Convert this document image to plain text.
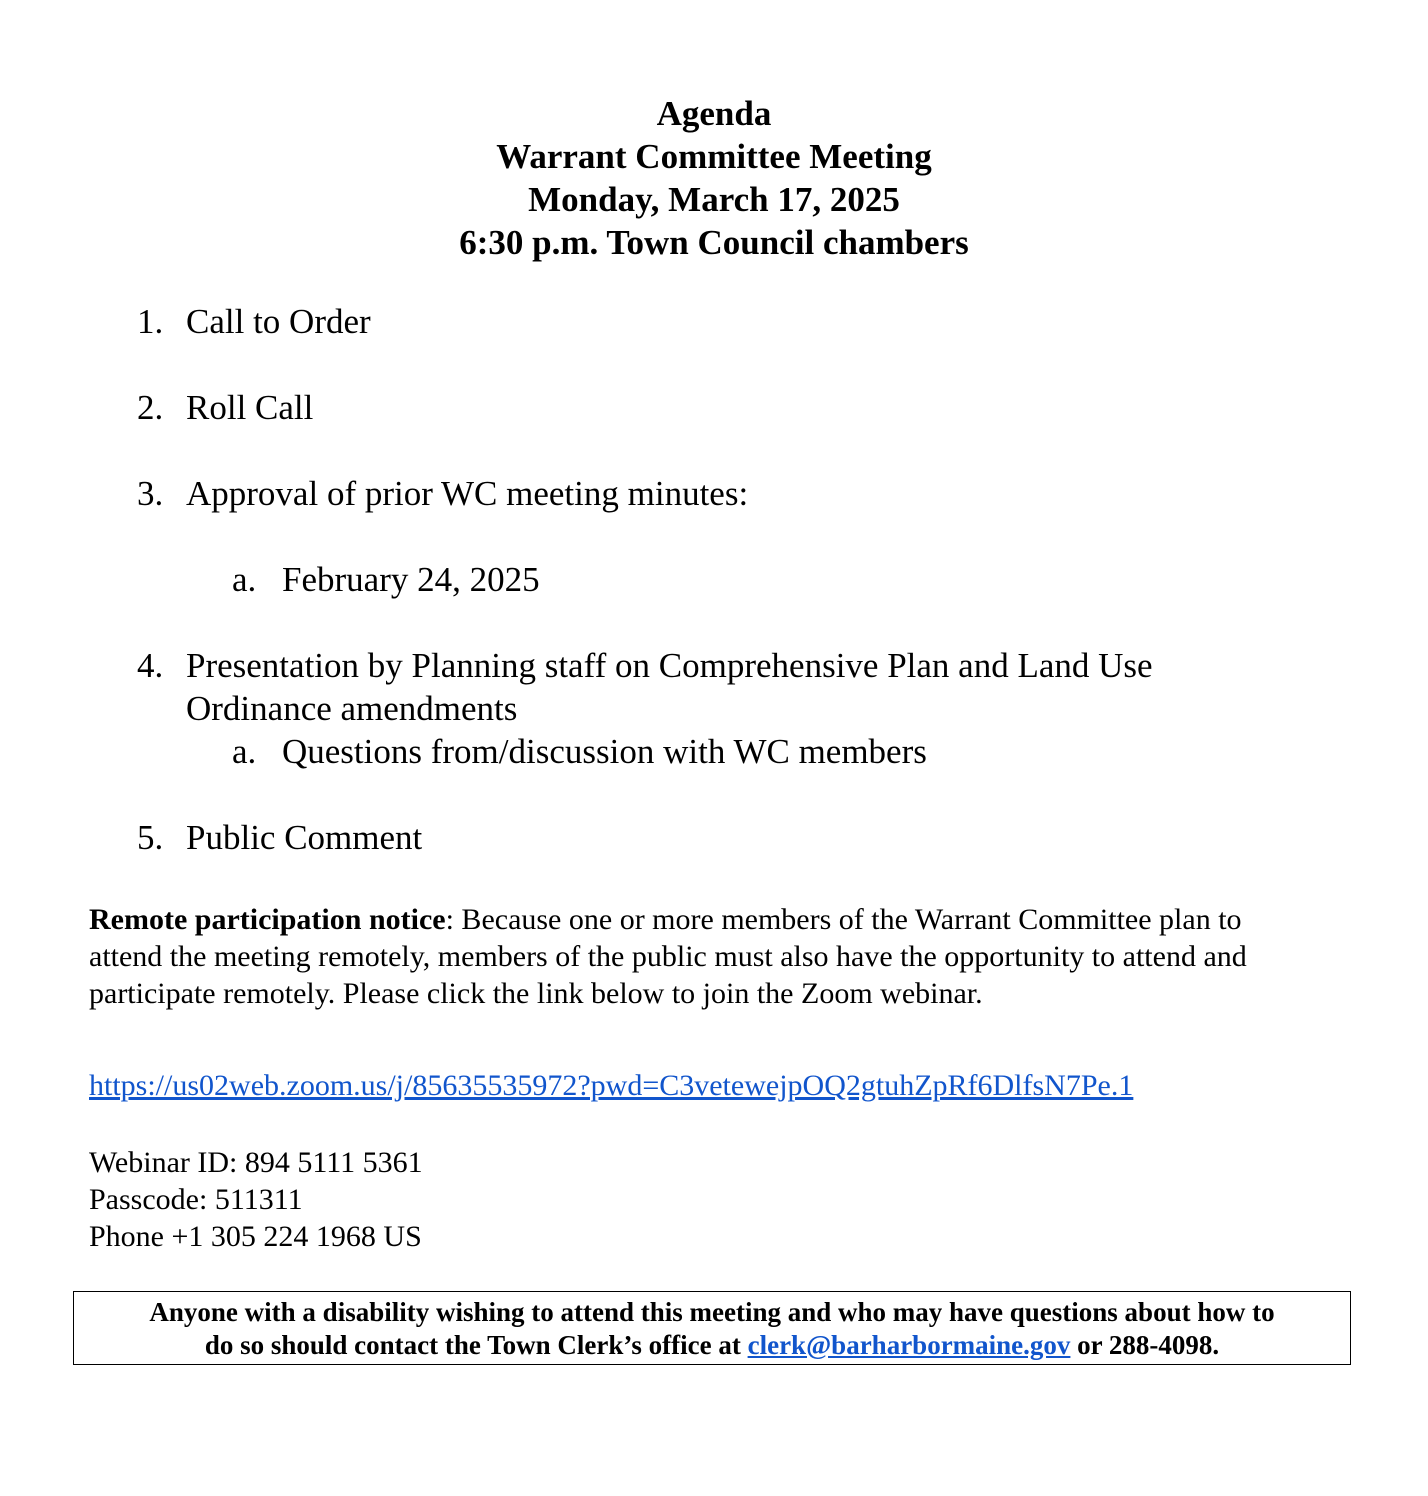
Agenda
Warrant Committee Meeting
Monday, March 17, 2025
6:30 p.m. Town Council chambers
1. Call to Order
2. Roll Call
3. Approval of prior WC meeting minutes:
a. February 24, 2025
4. Presentation by Planning staff on Comprehensive Plan and Land Use
Ordinance amendments
a. Questions from/discussion with WC members
5. Public Comment
Remote participation notice: Because one or more members of the Warrant Committee plan to
attend the meeting remotely, members of the public must also have the opportunity to attend and
participate remotely. Please click the link below to join the Zoom webinar.
https://us02web.zoom.us/j/85635535972?pwd=C3vetewejpOQ2gtuhZpRf6DlfsN7Pe.1
Webinar ID: 894 5111 5361
Passcode: 511311
Phone +1 305 224 1968 US
Anyone with a disability wishing to attend this meeting and who may have questions about how to
do so should contact the Town Clerk’s office at clerk@barharbormaine.gov or 288-4098.
